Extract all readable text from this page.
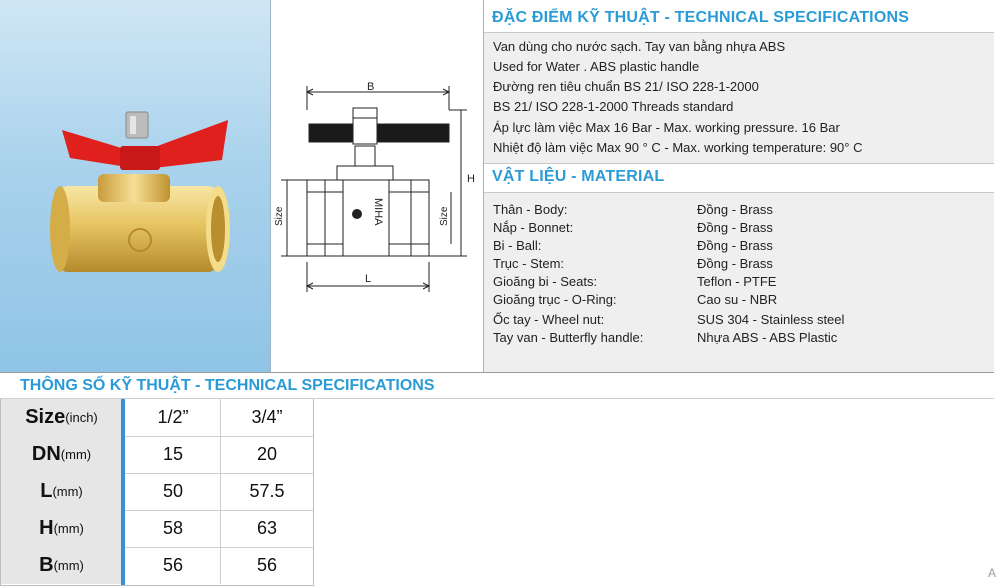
B
H
L
S
Size	Size
MIHA
ĐẶC ĐIỂM KỸ THUẬT - TECHNICAL SPECIFICATIONS
Van dùng cho nước sạch. Tay van bằng nhựa ABS
Used for Water . ABS plastic handle
Đường ren tiêu chuẩn BS 21/ ISO 228-1-2000
BS 21/ ISO 228-1-2000 Threads standard
Áp lực làm việc Max 16 Bar - Max. working pressure. 16 Bar
Nhiệt độ làm việc Max 90 ° C - Max. working temperature: 90° C
VẬT LIỆU - MATERIAL
Thân - Body:	Đồng - Brass
Nắp - Bonnet:	Đồng - Brass
Bi - Ball:	Đồng - Brass
Trục - Stem:	Đồng - Brass
Gioăng bi - Seats:	Teflon - PTFE
Gioăng trục - O-Ring:	Cao su - NBR
Ốc tay - Wheel nut:	SUS 304 - Stainless steel
Tay van - Butterfly handle:	Nhựa ABS - ABS Plastic
THÔNG SỐ KỸ THUẬT - TECHNICAL SPECIFICATIONS
Size (inch)	1/2”	3/4”
DN (mm)	15	20
L (mm)	50	57.5
H (mm)	58	63
B (mm)	56	56	A
